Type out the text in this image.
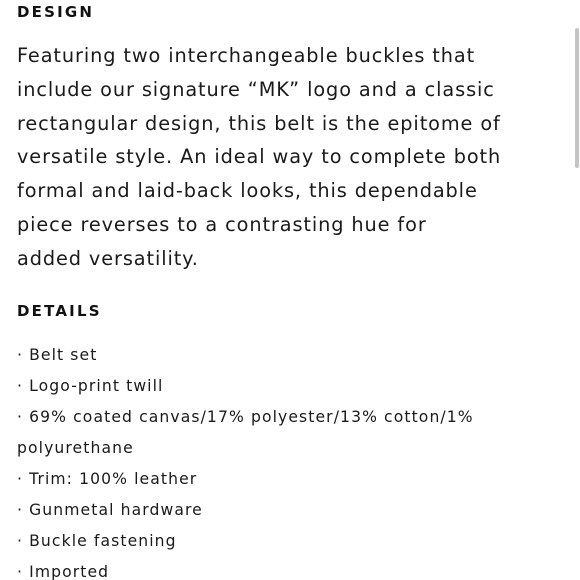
DESIGN

Featuring two interchangeable buckles that
include our signature “MK” logo and a classic
rectangular design, this belt is the epitome of
versatile style. An ideal way to complete both
formal and laid-back looks, this dependable
piece reverses to a contrasting hue for
added versatility.

DETAILS
· Belt set
· Logo-print twill
· 69% coated canvas/17% polyester/13% cotton/1% polyurethane
· Trim: 100% leather
· Gunmetal hardware
· Buckle fastening
· Imported
